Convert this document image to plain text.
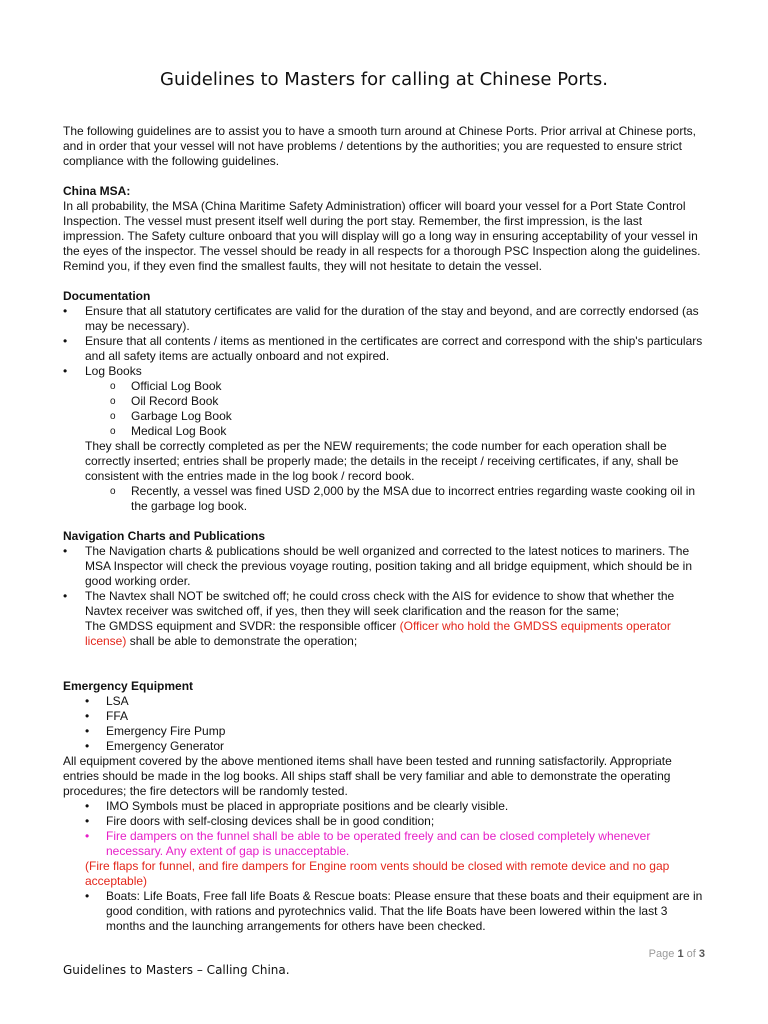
Guidelines to Masters for calling at Chinese Ports.

The following guidelines are to assist you to have a smooth turn around at Chinese Ports. Prior arrival at Chinese ports, and in order that your vessel will not have problems / detentions by the authorities; you are requested to ensure strict compliance with the following guidelines.

China MSA:

In all probability, the MSA (China Maritime Safety Administration) officer will board your vessel for a Port State Control Inspection. The vessel must present itself well during the port stay. Remember, the first impression, is the last impression. The Safety culture onboard that you will display will go a long way in ensuring acceptability of your vessel in the eyes of the inspector. The vessel should be ready in all respects for a thorough PSC Inspection along the guidelines. Remind you, if they even find the smallest faults, they will not hesitate to detain the vessel.

Documentation

• Ensure that all statutory certificates are valid for the duration of the stay and beyond, and are correctly endorsed (as may be necessary).
• Ensure that all contents / items as mentioned in the certificates are correct and correspond with the ship's particulars and all safety items are actually onboard and not expired.
• Log Books
o Official Log Book
o Oil Record Book
o Garbage Log Book
o Medical Log Book

They shall be correctly completed as per the NEW requirements; the code number for each operation shall be correctly inserted; entries shall be properly made; the details in the receipt / receiving certificates, if any, shall be consistent with the entries made in the log book / record book.

o Recently, a vessel was fined USD 2,000 by the MSA due to incorrect entries regarding waste cooking oil in the garbage log book.

Navigation Charts and Publications

• The Navigation charts & publications should be well organized and corrected to the latest notices to mariners. The MSA Inspector will check the previous voyage routing, position taking and all bridge equipment, which should be in good working order.
• The Navtex shall NOT be switched off; he could cross check with the AIS for evidence to show that whether the Navtex receiver was switched off, if yes, then they will seek clarification and the reason for the same;

The GMDSS equipment and SVDR: the responsible officer (Officer who hold the GMDSS equipments operator license) shall be able to demonstrate the operation;

Emergency Equipment

• LSA
• FFA
• Emergency Fire Pump
• Emergency Generator

All equipment covered by the above mentioned items shall have been tested and running satisfactorily. Appropriate entries should be made in the log books. All ships staff shall be very familiar and able to demonstrate the operating procedures; the fire detectors will be randomly tested.

• IMO Symbols must be placed in appropriate positions and be clearly visible.
• Fire doors with self-closing devices shall be in good condition;
• Fire dampers on the funnel shall be able to be operated freely and can be closed completely whenever necessary. Any extent of gap is unacceptable.

(Fire flaps for funnel, and fire dampers for Engine room vents should be closed with remote device and no gap acceptable)

• Boats: Life Boats, Free fall life Boats & Rescue boats: Please ensure that these boats and their equipment are in good condition, with rations and pyrotechnics valid. That the life Boats have been lowered within the last 3 months and the launching arrangements for others have been checked.
Page 1 of 3
Guidelines to Masters – Calling China.
